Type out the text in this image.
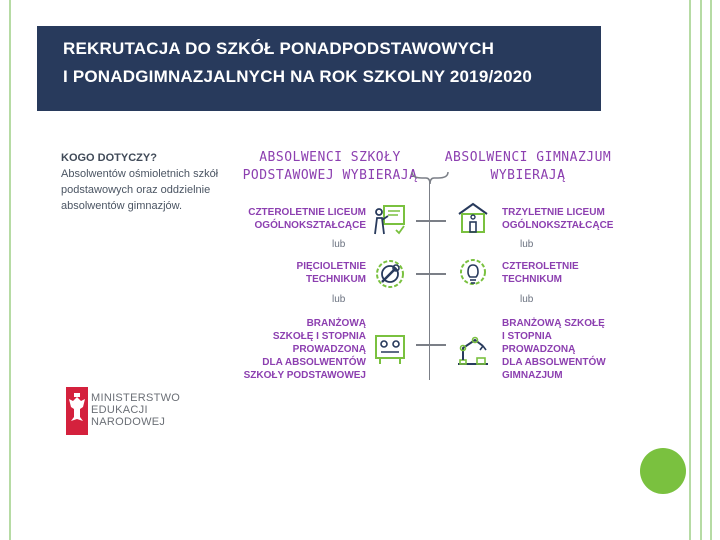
REKRUTACJA DO SZKÓŁ PONADPODSTAWOWYCH
I PONADGIMNAZJALNYCH NA ROK SZKOLNY 2019/2020
KOGO DOTYCZY?
Absolwentów ośmioletnich szkół podstawowych oraz oddzielnie absolwentów gimnazjów.
ABSOLWENCI SZKOŁY
PODSTAWOWEJ WYBIERAJĄ
ABSOLWENCI GIMNAZJUM
WYBIERAJĄ
CZTEROLETNIE LICEUM
OGÓLNOKSZTAŁCĄCE
lub
PIĘCIOLETNIE
TECHNIKUM
lub
BRANŻOWĄ
SZKOŁĘ I STOPNIA
PROWADZONĄ
DLA ABSOLWENTÓW
SZKOŁY PODSTAWOWEJ
TRZYLETNIE LICEUM
OGÓLNOKSZTAŁCĄCE
lub
CZTEROLETNIE
TECHNIKUM
lub
BRANŻOWĄ SZKOŁĘ
I STOPNIA
PROWADZONĄ
DLA ABSOLWENTÓW
GIMNAZJUM
MINISTERSTWO
EDUKACJI
NARODOWEJ
